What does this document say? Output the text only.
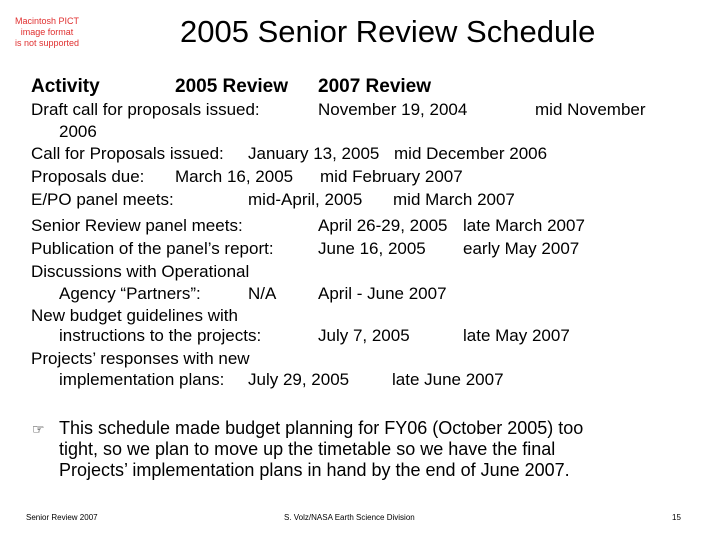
Macintosh PICT
image format
is not supported	2005 Senior Review Schedule
Activity	2005 Review 2007 Review
Draft call for proposals issued:	November 19, 2004	mid November
2006
Call for Proposals issued: January 13, 2005 mid December 2006
Proposals due: March 16, 2005 mid February 2007
E/PO panel meets:	mid-April, 2005 mid March 2007
Senior Review panel meets:	April 26-29, 2005 late March 2007
Publication of the panel’s report:	June 16, 2005 early May 2007
Discussions with Operational
Agency “Partners”:	N/A April - June 2007
New budget guidelines with
instructions to the projects:	July 7, 2005	late May 2007
Projects’ responses with new
implementation plans: July 29, 2005	late June 2007
☞ This schedule made budget planning for FY06 (October 2005) too
tight, so we plan to move up the timetable so we have the final
Projects’ implementation plans in hand by the end of June 2007.
Senior Review 2007	S. Volz/NASA Earth Science Division	15
